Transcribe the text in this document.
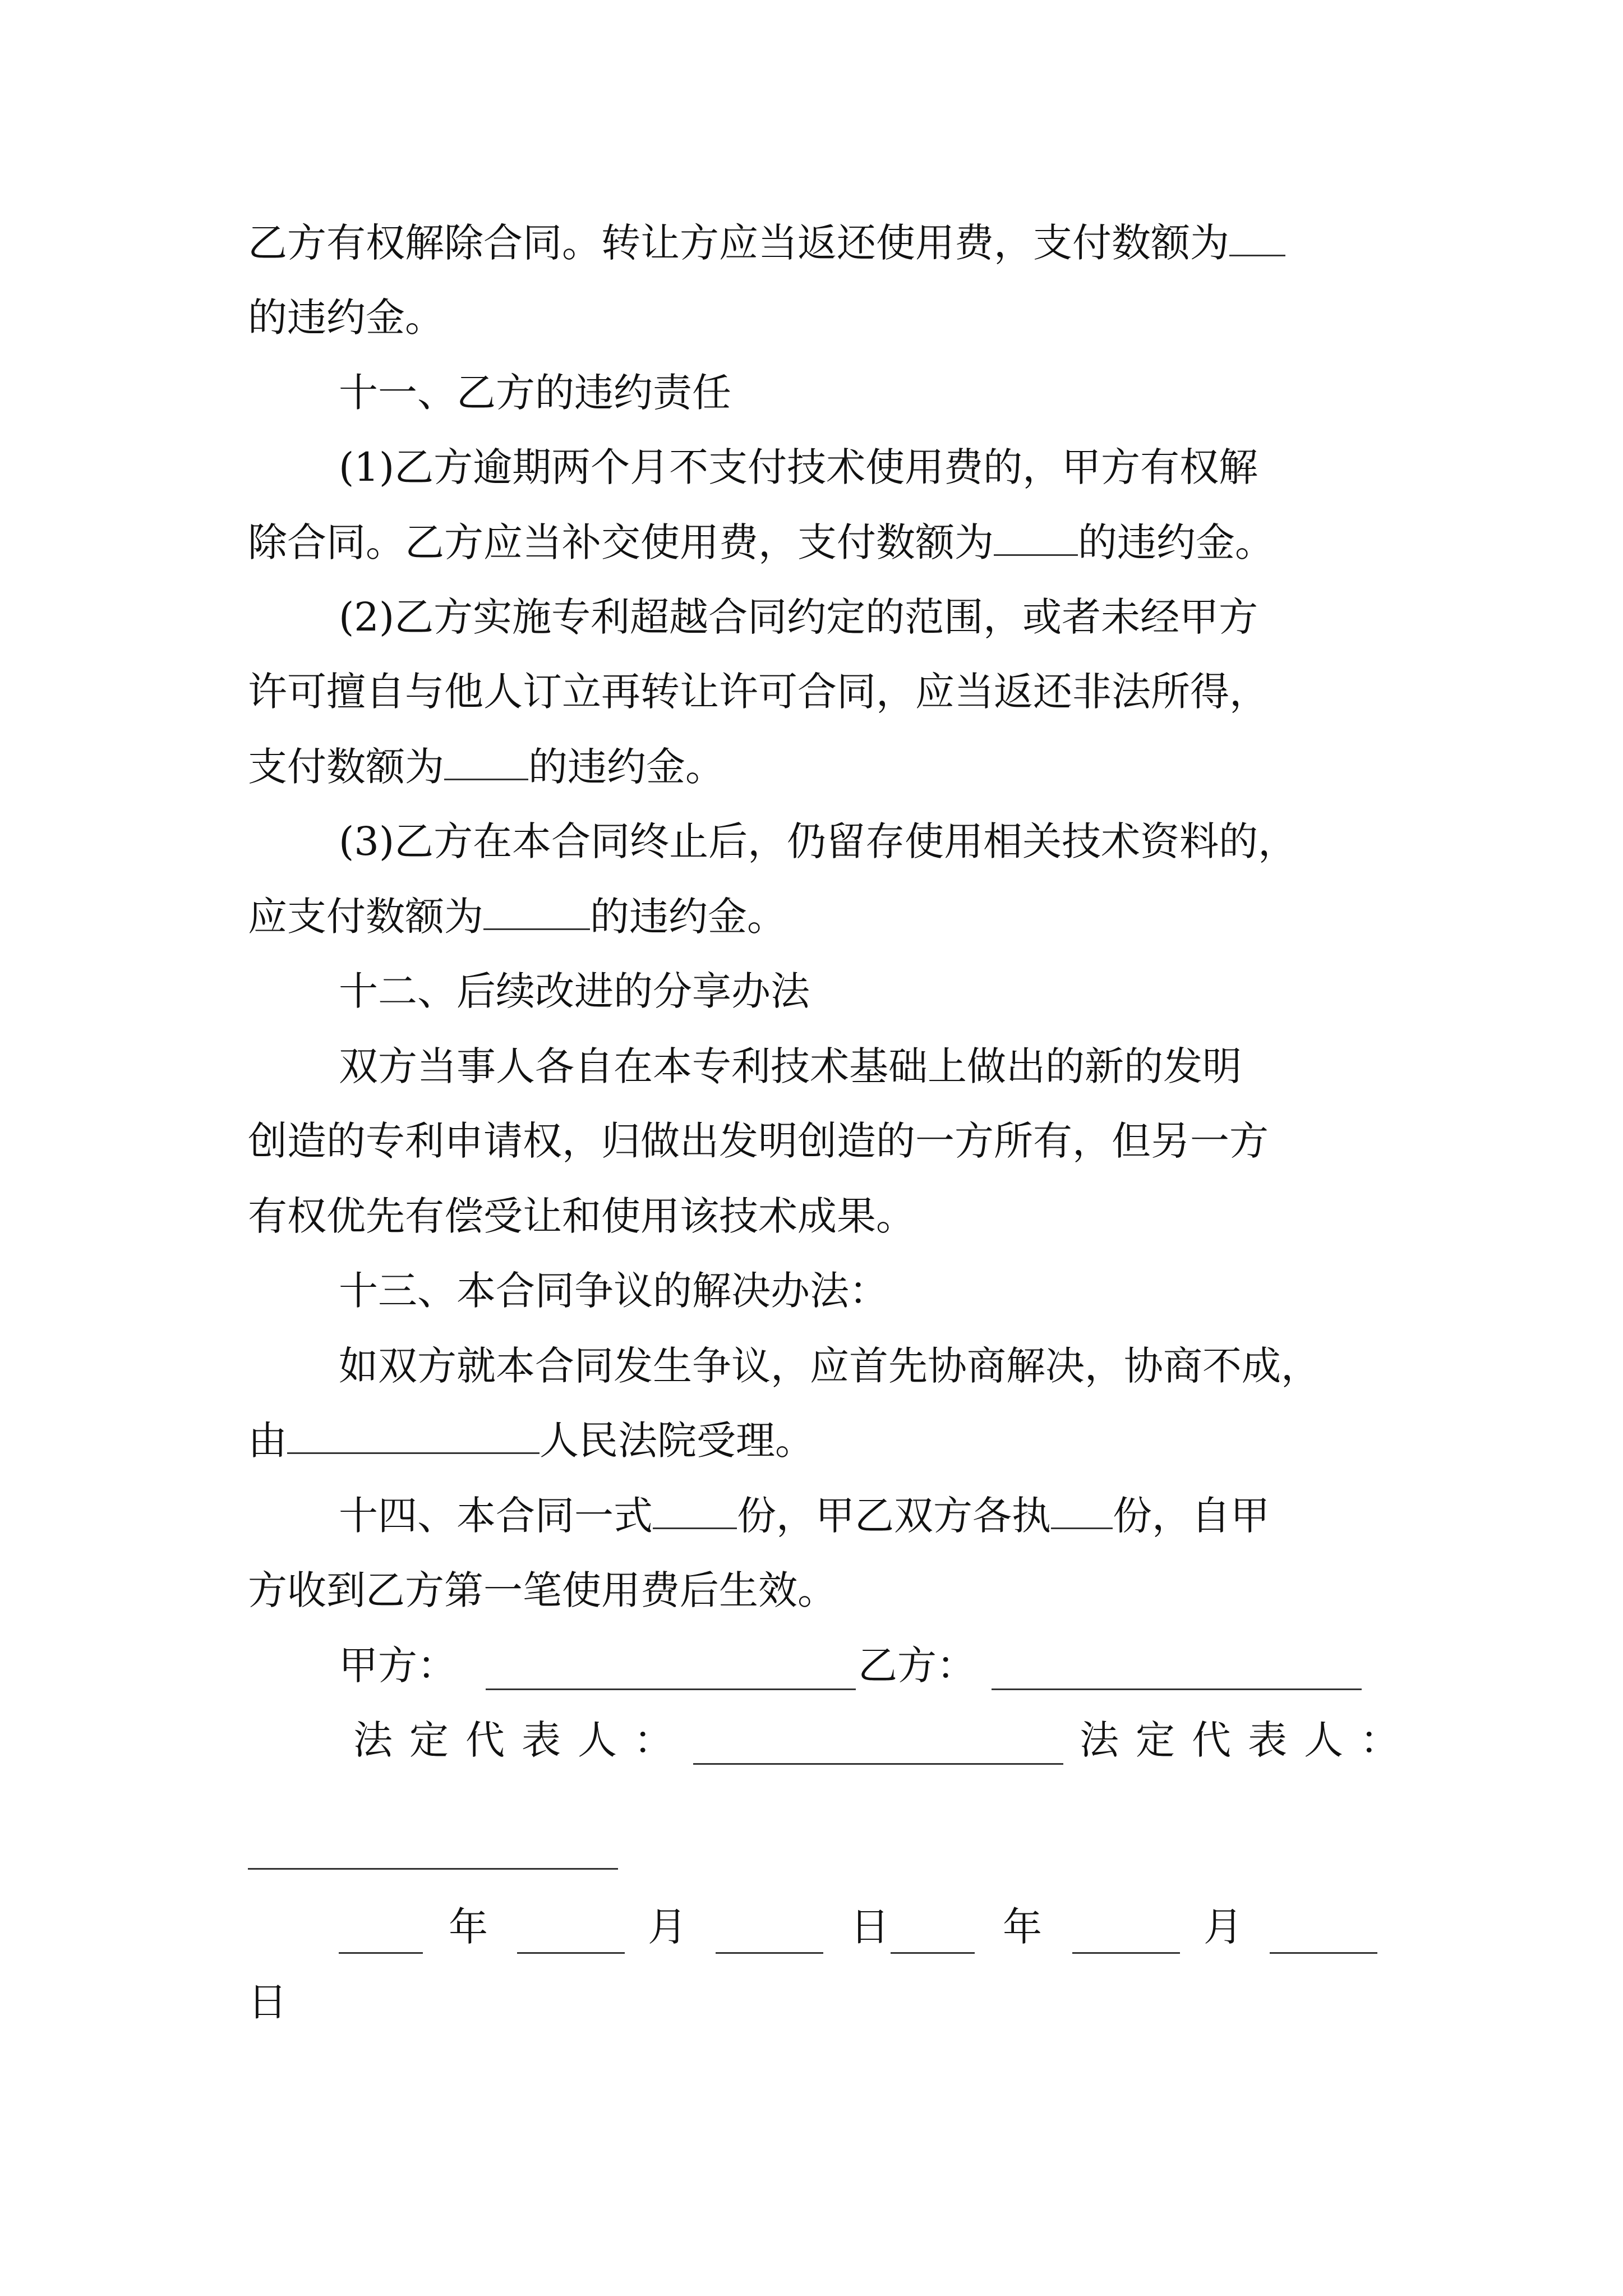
乙方有权解除合同。转让方应当返还使用费，支付数额为
的违约金。
十一、乙方的违约责任
(1)乙方逾期两个月不支付技术使用费的，甲方有权解
除合同。乙方应当补交使用费，支付数额为 的违约金。
(2)乙方实施专利超越合同约定的范围，或者未经甲方
许可擅自与他人订立再转让许可合同，应当返还非法所得，
支付数额为 的违约金。
(3)乙方在本合同终止后，仍留存使用相关技术资料的，
应支付数额为	的违约金。
十二、后续改进的分享办法
双方当事人各自在本专利技术基础上做出的新的发明
创造的专利申请权，归做出发明创造的一方所有，但另一方
有权优先有偿受让和使用该技术成果。
十三、本合同争议的解决办法：
如双方就本合同发生争议，应首先协商解决，协商不成，
由	人民法院受理。
十四、本合同一式 份，甲乙双方各执 份，自甲
方收到乙方第一笔使用费后生效。
甲方：	乙方：
法定代表人：	法定代表人：
年	月	日	年	月
日
